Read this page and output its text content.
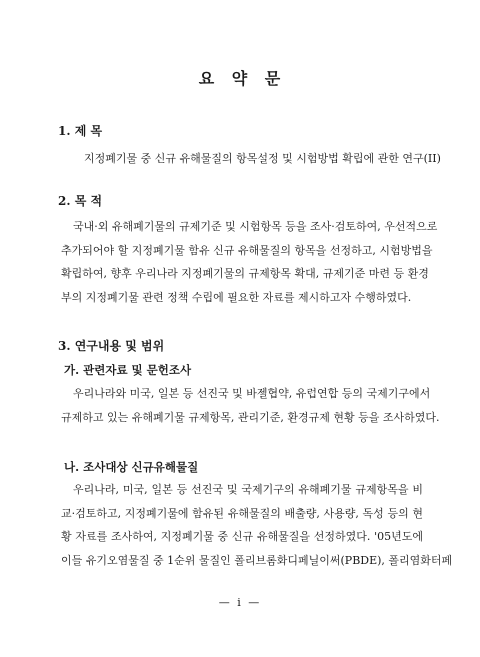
요 약 문
1. 제 목
지정폐기물 중 신규 유해물질의 항목설정 및 시험방법 확립에 관한 연구(II)
2. 목 적
국내·외 유해폐기물의 규제기준 및 시험항목 등을 조사·검토하여, 우선적으로
추가되어야 할 지정폐기물 함유 신규 유해물질의 항목을 선정하고, 시험방법을
확립하여, 향후 우리나라 지정폐기물의 규제항목 확대, 규제기준 마련 등 환경
부의 지정폐기물 관련 정책 수립에 필요한 자료를 제시하고자 수행하였다.
3. 연구내용 및 범위
가. 관련자료 및 문헌조사
우리나라와 미국, 일본 등 선진국 및 바젤협약, 유럽연합 등의 국제기구에서
규제하고 있는 유해폐기물 규제항목, 관리기준, 환경규제 현황 등을 조사하였다.
나. 조사대상 신규유해물질
우리나라, 미국, 일본 등 선진국 및 국제기구의 유해폐기물 규제항목을 비
교·검토하고, 지정폐기물에 함유된 유해물질의 배출량, 사용량, 독성 등의 현
황 자료를 조사하여, 지정폐기물 중 신규 유해물질을 선정하였다. '05년도에
이들 유기오염물질 중 1순위 물질인 폴리브롬화디페닐이써(PBDE), 폴리염화터페
— i —
